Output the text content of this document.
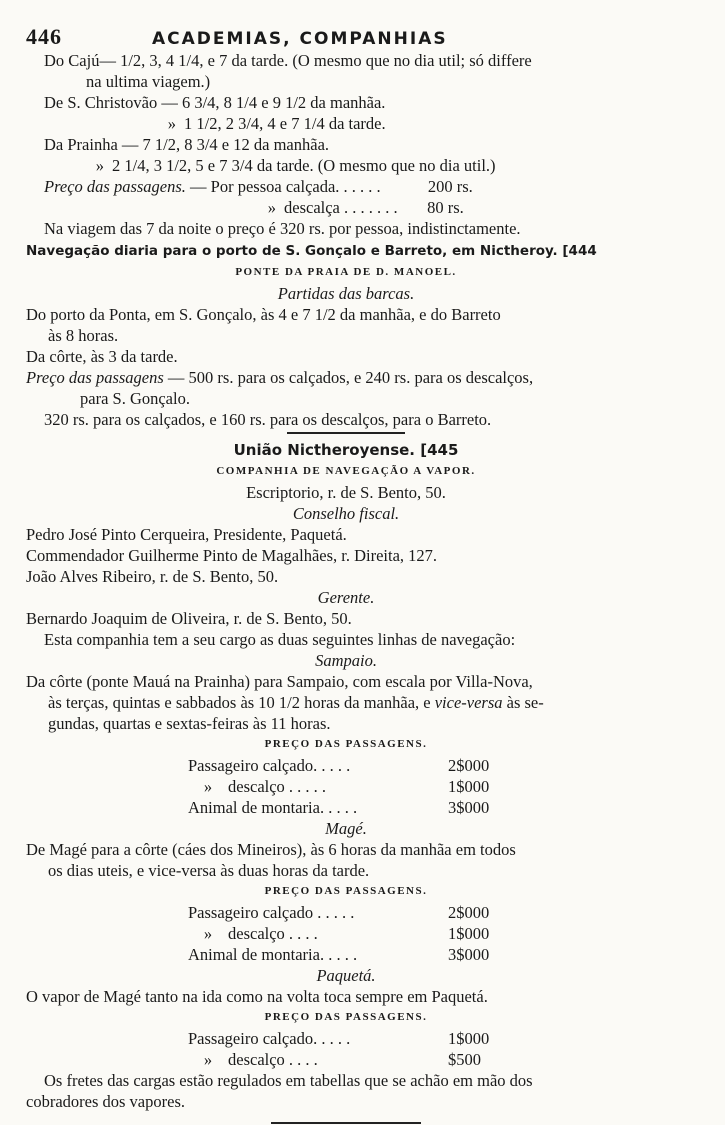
446	ACADEMIAS, COMPANHIAS
Do Cajú— 1/2, 3, 4 1/4, e 7 da tarde. (O mesmo que no dia util; só differe
na ultima viagem.)
De S. Christovão — 6 3/4, 8 1/4 e 9 1/2 da manhãa.
» 1 1/2, 2 3/4, 4 e 7 1/4 da tarde.
Da Prainha — 7 1/2, 8 3/4 e 12 da manhãa.
» 2 1/4, 3 1/2, 5 e 7 3/4 da tarde. (O mesmo que no dia util.)
Preço das passagens. — Por pessoa calçada. . . . . .	200 rs.
» descalça . . . . . . . 80 rs.
Na viagem das 7 da noite o preço é 320 rs. por pessoa, indistinctamente.
Navegação diaria para o porto de S. Gonçalo e Barreto, em Nictheroy. [444
PONTE DA PRAIA DE D. MANOEL.
Partidas das barcas.
Do porto da Ponta, em S. Gonçalo, às 4 e 7 1/2 da manhãa, e do Barreto
às 8 horas.
Da côrte, às 3 da tarde.
Preço das passagens — 500 rs. para os calçados, e 240 rs. para os descalços,
para S. Gonçalo.
320 rs. para os calçados, e 160 rs. para os descalços, para o Barreto.
União Nictheroyense. [445
COMPANHIA DE NAVEGAÇÃO A VAPOR.
Escriptorio, r. de S. Bento, 50.
Conselho fiscal.
Pedro José Pinto Cerqueira, Presidente, Paquetá.
Commendador Guilherme Pinto de Magalhães, r. Direita, 127.
João Alves Ribeiro, r. de S. Bento, 50.
Gerente.
Bernardo Joaquim de Oliveira, r. de S. Bento, 50.
Esta companhia tem a seu cargo as duas seguintes linhas de navegação:
Sampaio.
Da côrte (ponte Mauá na Prainha) para Sampaio, com escala por Villa-Nova,
às terças, quintas e sabbados às 10 1/2 horas da manhãa, e vice-versa às se-
gundas, quartas e sextas-feiras às 11 horas.
PREÇO DAS PASSAGENS.
Passageiro calçado. . . . .	2$000
» descalço . . . . .	1$000
Animal de montaria. . . . .	3$000
Magé.
De Magé para a côrte (cáes dos Mineiros), às 6 horas da manhãa em todos
os dias uteis, e vice-versa às duas horas da tarde.
PREÇO DAS PASSAGENS.
Passageiro calçado . . . . .	2$000
» descalço . . . .	1$000
Animal de montaria. . . . .	3$000
Paquetá.
O vapor de Magé tanto na ida como na volta toca sempre em Paquetá.
PREÇO DAS PASSAGENS.
Passageiro calçado. . . . .	1$000
» descalço . . . .	$500
Os fretes das cargas estão regulados em tabellas que se achão em mão dos
cobradores dos vapores.
